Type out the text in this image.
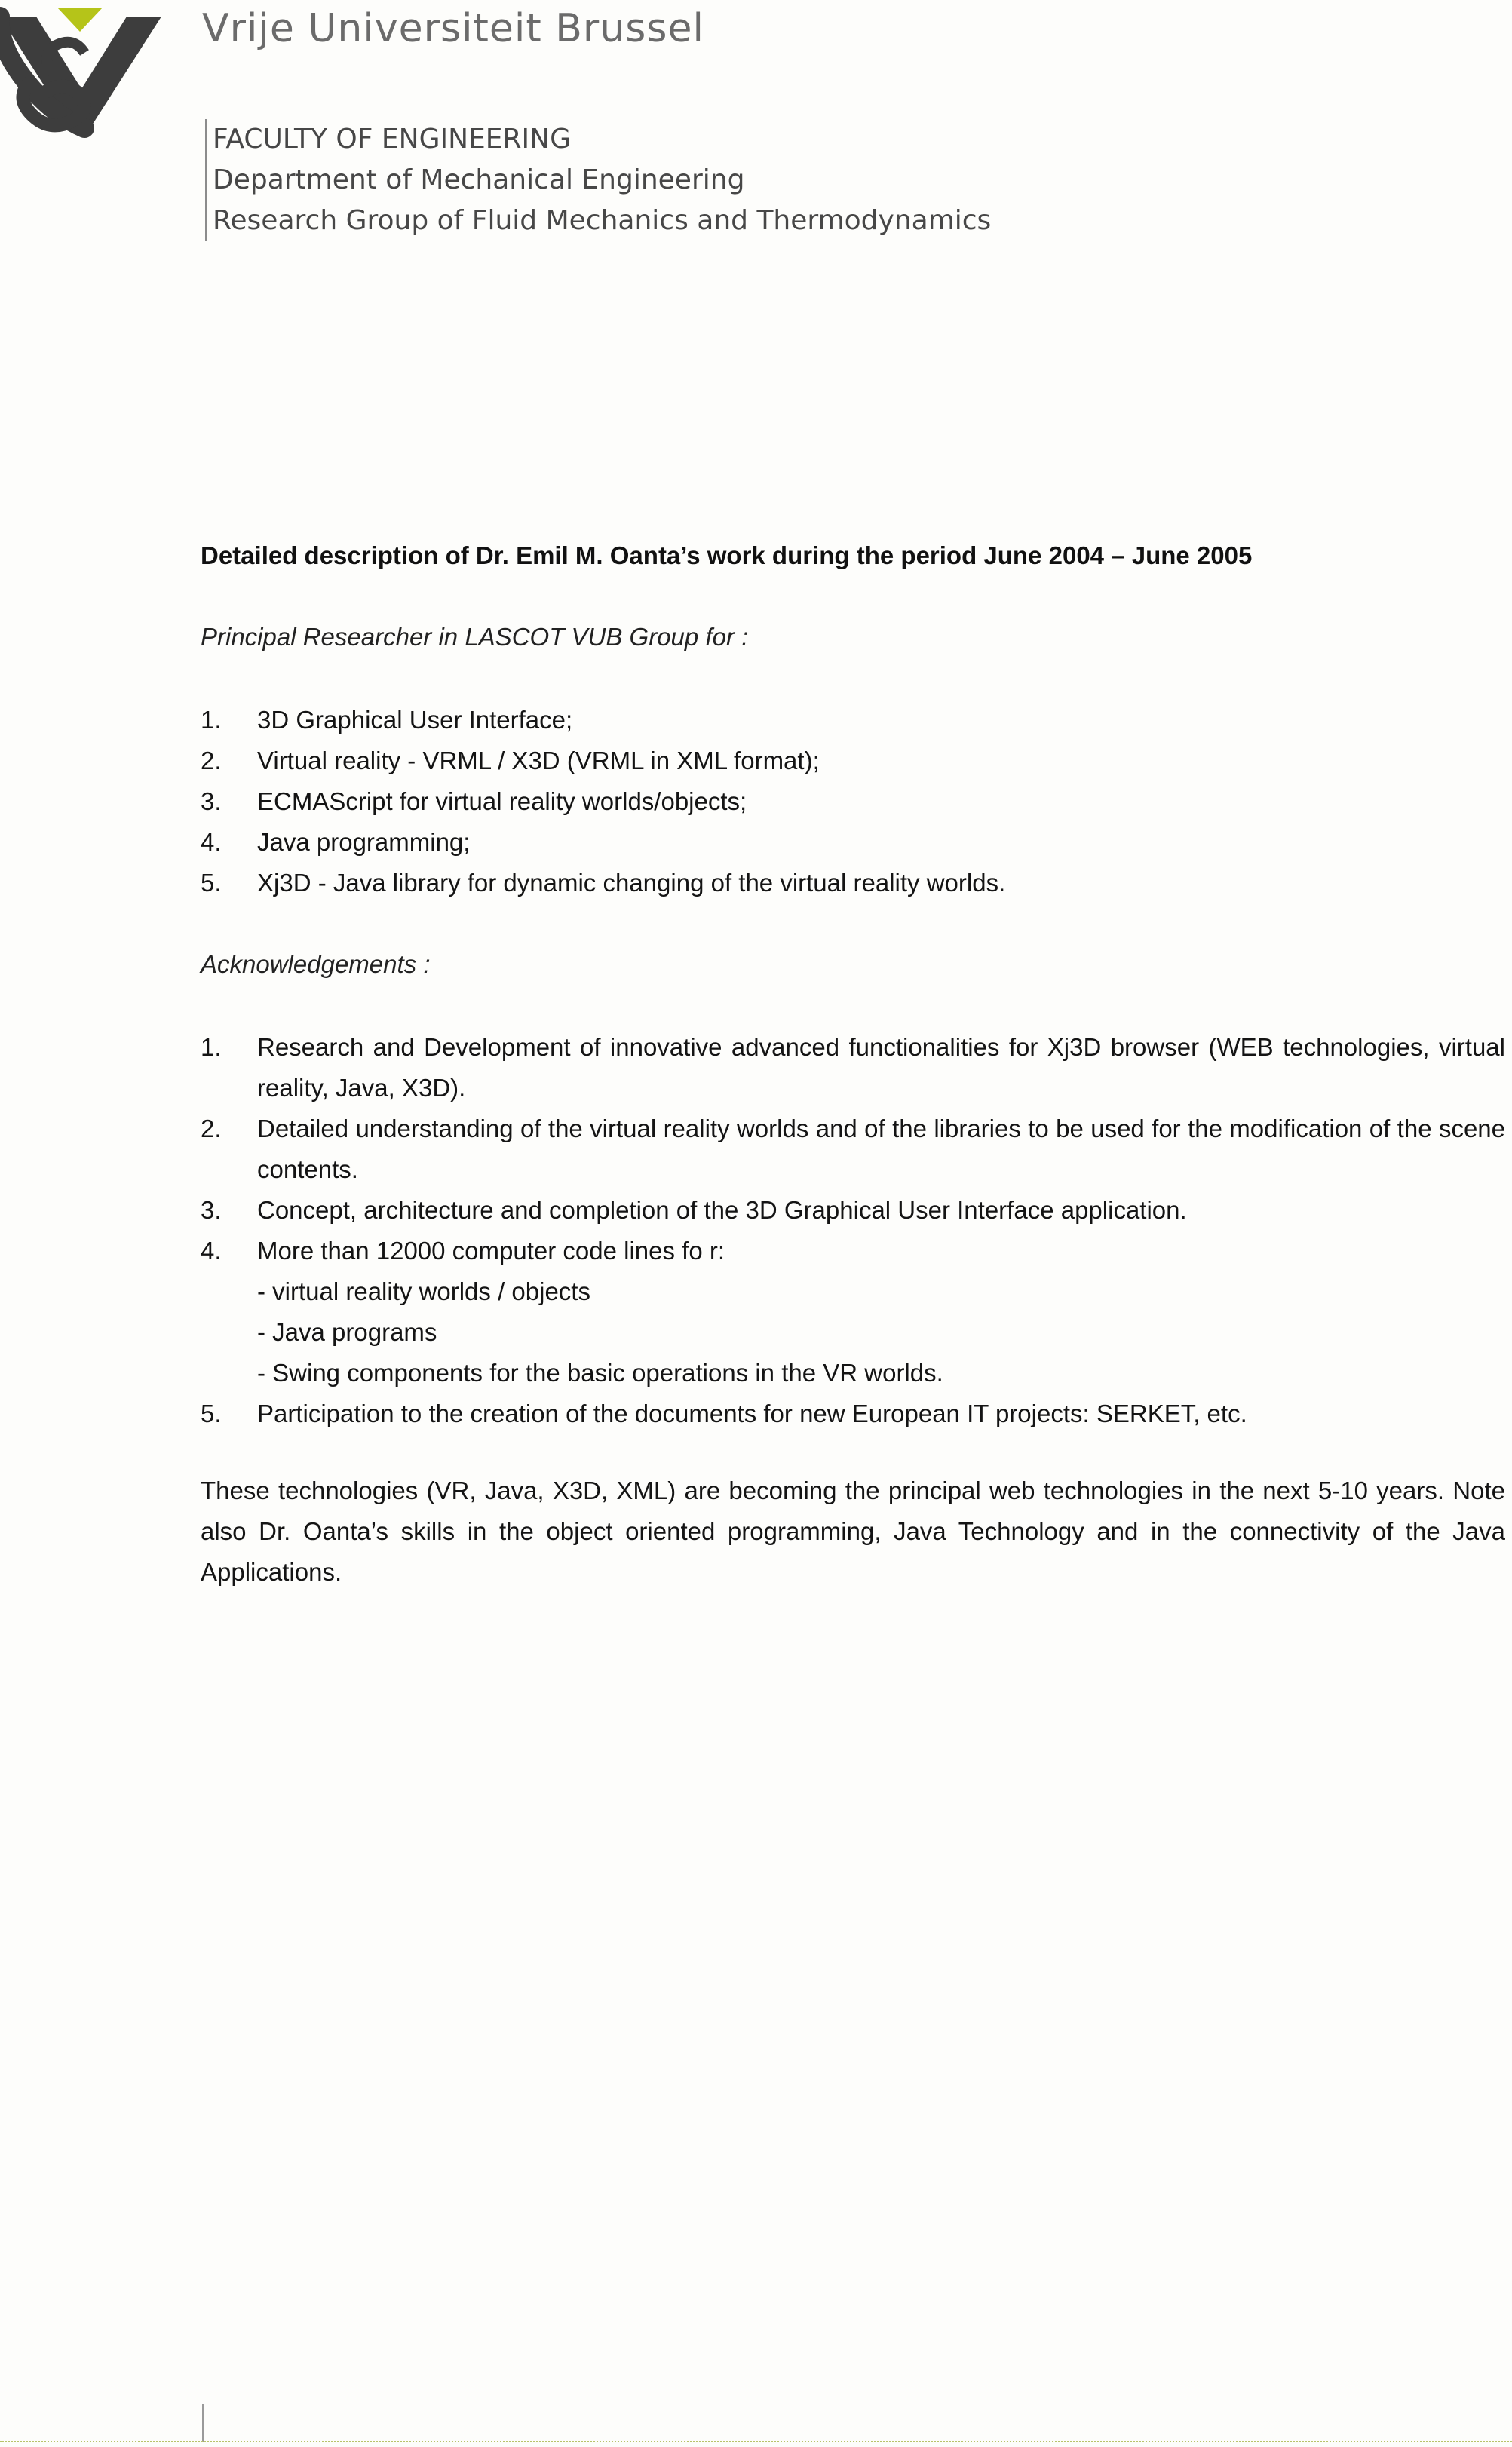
Vrije Universiteit Brussel
FACULTY OF ENGINEERING
Department of Mechanical Engineering
Research Group of Fluid Mechanics and Thermodynamics
Detailed description of Dr. Emil M. Oanta’s work during the period June 2004 – June 2005
Principal Researcher in LASCOT VUB Group for :
1. 3D Graphical User Interface;
2. Virtual reality - VRML / X3D (VRML in XML format);
3. ECMAScript for virtual reality worlds/objects;
4. Java programming;
5. Xj3D - Java library for dynamic changing of the virtual reality worlds.
Acknowledgements :
1. Research and Development of innovative advanced functionalities for Xj3D browser (WEB technologies, virtual reality, Java, X3D).
2. Detailed understanding of the virtual reality worlds and of the libraries to be used for the modification of the scene contents.
3. Concept, architecture and completion of the 3D Graphical User Interface application.
4. More than 12000 computer code lines fo r:
- virtual reality worlds / objects
- Java programs
- Swing components for the basic operations in the VR worlds.
5. Participation to the creation of the documents for new European IT projects: SERKET, etc.

These technologies (VR, Java, X3D, XML) are becoming the principal web technologies in the next 5-10 years. Note also Dr. Oanta’s skills in the object oriented programming, Java Technology and in the connectivity of the Java Applications.
